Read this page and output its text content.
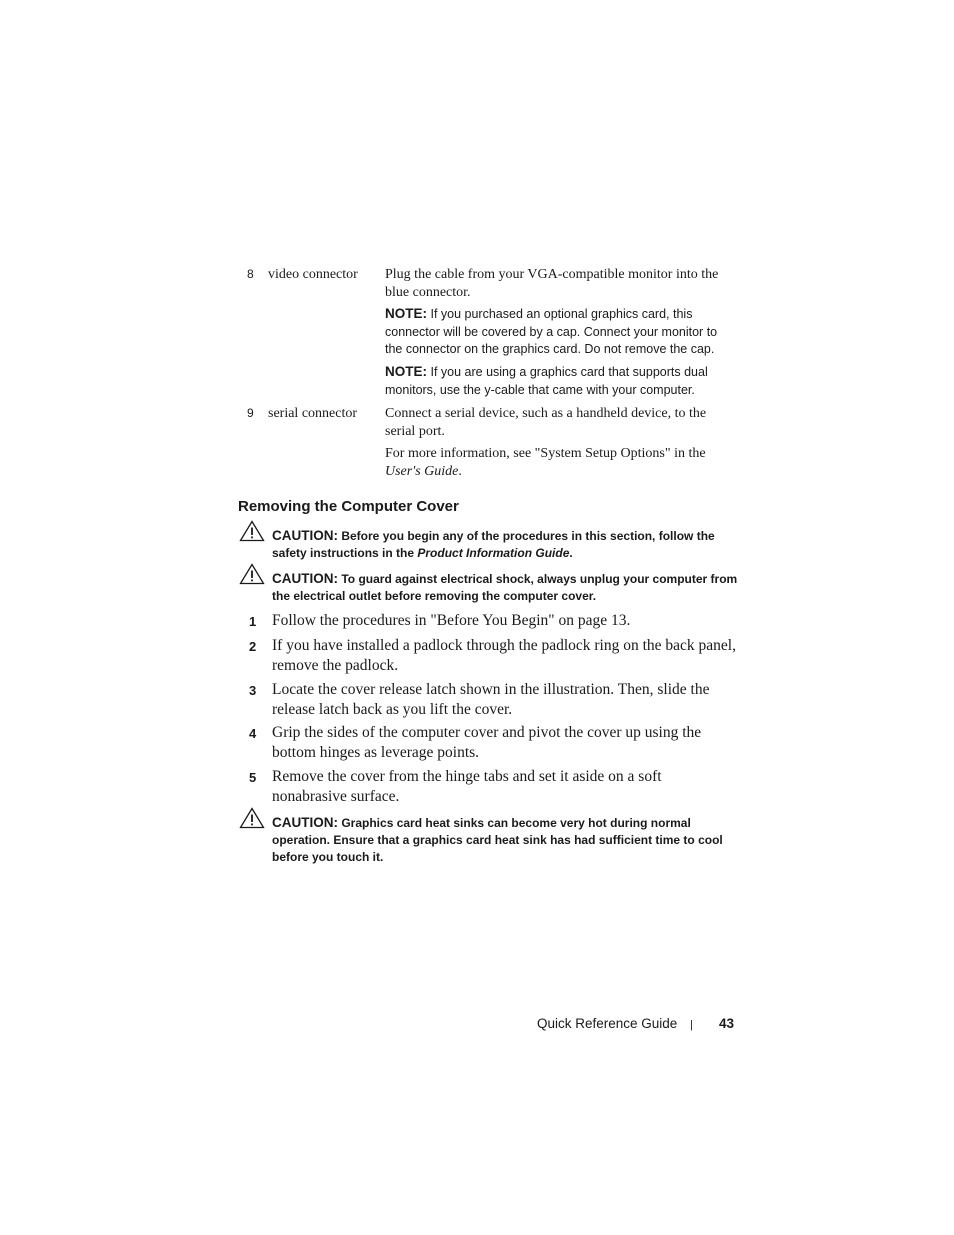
8 video connector	Plug the cable from your VGA-compatible monitor into the blue connector.
NOTE: If you purchased an optional graphics card, this connector will be covered by a cap. Connect your monitor to the connector on the graphics card. Do not remove the cap.
NOTE: If you are using a graphics card that supports dual monitors, use the y-cable that came with your computer.
9 serial connector	Connect a serial device, such as a handheld device, to the serial port.
For more information, see "System Setup Options" in the
User's Guide.
Removing the Computer Cover
CAUTION: Before you begin any of the procedures in this section, follow the safety instructions in the Product Information Guide.
CAUTION: To guard against electrical shock, always unplug your computer from the electrical outlet before removing the computer cover.
1 Follow the procedures in "Before You Begin" on page 13.
2 If you have installed a padlock through the padlock ring on the back panel, remove the padlock.
3 Locate the cover release latch shown in the illustration. Then, slide the release latch back as you lift the cover.
4 Grip the sides of the computer cover and pivot the cover up using the bottom hinges as leverage points.
5 Remove the cover from the hinge tabs and set it aside on a soft nonabrasive surface.
CAUTION: Graphics card heat sinks can become very hot during normal operation. Ensure that a graphics card heat sink has had sufficient time to cool before you touch it.
Quick Reference Guide | 43
